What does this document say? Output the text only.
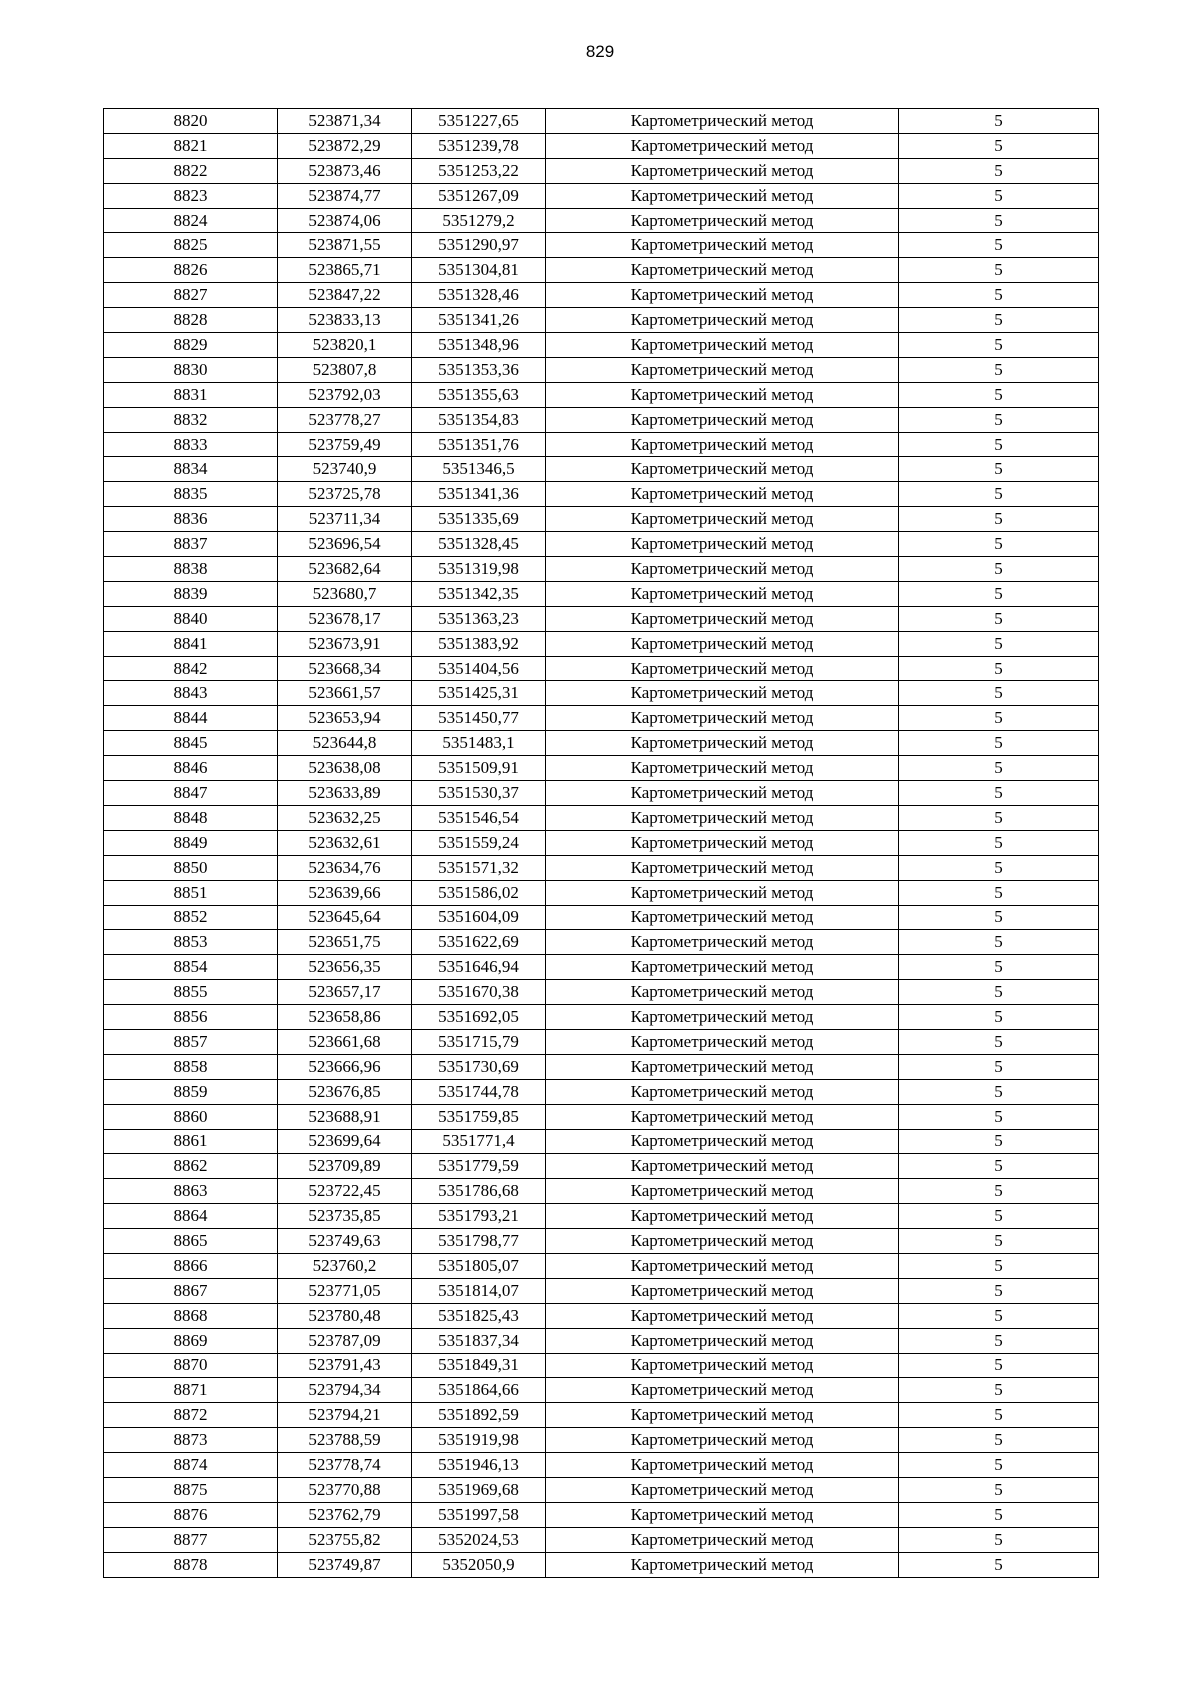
829
8820	523871,34	5351227,65	Картометрический метод	5
8821	523872,29	5351239,78	Картометрический метод	5
8822	523873,46	5351253,22	Картометрический метод	5
8823	523874,77	5351267,09	Картометрический метод	5
8824	523874,06	5351279,2	Картометрический метод	5
8825	523871,55	5351290,97	Картометрический метод	5
8826	523865,71	5351304,81	Картометрический метод	5
8827	523847,22	5351328,46	Картометрический метод	5
8828	523833,13	5351341,26	Картометрический метод	5
8829	523820,1	5351348,96	Картометрический метод	5
8830	523807,8	5351353,36	Картометрический метод	5
8831	523792,03	5351355,63	Картометрический метод	5
8832	523778,27	5351354,83	Картометрический метод	5
8833	523759,49	5351351,76	Картометрический метод	5
8834	523740,9	5351346,5	Картометрический метод	5
8835	523725,78	5351341,36	Картометрический метод	5
8836	523711,34	5351335,69	Картометрический метод	5
8837	523696,54	5351328,45	Картометрический метод	5
8838	523682,64	5351319,98	Картометрический метод	5
8839	523680,7	5351342,35	Картометрический метод	5
8840	523678,17	5351363,23	Картометрический метод	5
8841	523673,91	5351383,92	Картометрический метод	5
8842	523668,34	5351404,56	Картометрический метод	5
8843	523661,57	5351425,31	Картометрический метод	5
8844	523653,94	5351450,77	Картометрический метод	5
8845	523644,8	5351483,1	Картометрический метод	5
8846	523638,08	5351509,91	Картометрический метод	5
8847	523633,89	5351530,37	Картометрический метод	5
8848	523632,25	5351546,54	Картометрический метод	5
8849	523632,61	5351559,24	Картометрический метод	5
8850	523634,76	5351571,32	Картометрический метод	5
8851	523639,66	5351586,02	Картометрический метод	5
8852	523645,64	5351604,09	Картометрический метод	5
8853	523651,75	5351622,69	Картометрический метод	5
8854	523656,35	5351646,94	Картометрический метод	5
8855	523657,17	5351670,38	Картометрический метод	5
8856	523658,86	5351692,05	Картометрический метод	5
8857	523661,68	5351715,79	Картометрический метод	5
8858	523666,96	5351730,69	Картометрический метод	5
8859	523676,85	5351744,78	Картометрический метод	5
8860	523688,91	5351759,85	Картометрический метод	5
8861	523699,64	5351771,4	Картометрический метод	5
8862	523709,89	5351779,59	Картометрический метод	5
8863	523722,45	5351786,68	Картометрический метод	5
8864	523735,85	5351793,21	Картометрический метод	5
8865	523749,63	5351798,77	Картометрический метод	5
8866	523760,2	5351805,07	Картометрический метод	5
8867	523771,05	5351814,07	Картометрический метод	5
8868	523780,48	5351825,43	Картометрический метод	5
8869	523787,09	5351837,34	Картометрический метод	5
8870	523791,43	5351849,31	Картометрический метод	5
8871	523794,34	5351864,66	Картометрический метод	5
8872	523794,21	5351892,59	Картометрический метод	5
8873	523788,59	5351919,98	Картометрический метод	5
8874	523778,74	5351946,13	Картометрический метод	5
8875	523770,88	5351969,68	Картометрический метод	5
8876	523762,79	5351997,58	Картометрический метод	5
8877	523755,82	5352024,53	Картометрический метод	5
8878	523749,87	5352050,9	Картометрический метод	5
